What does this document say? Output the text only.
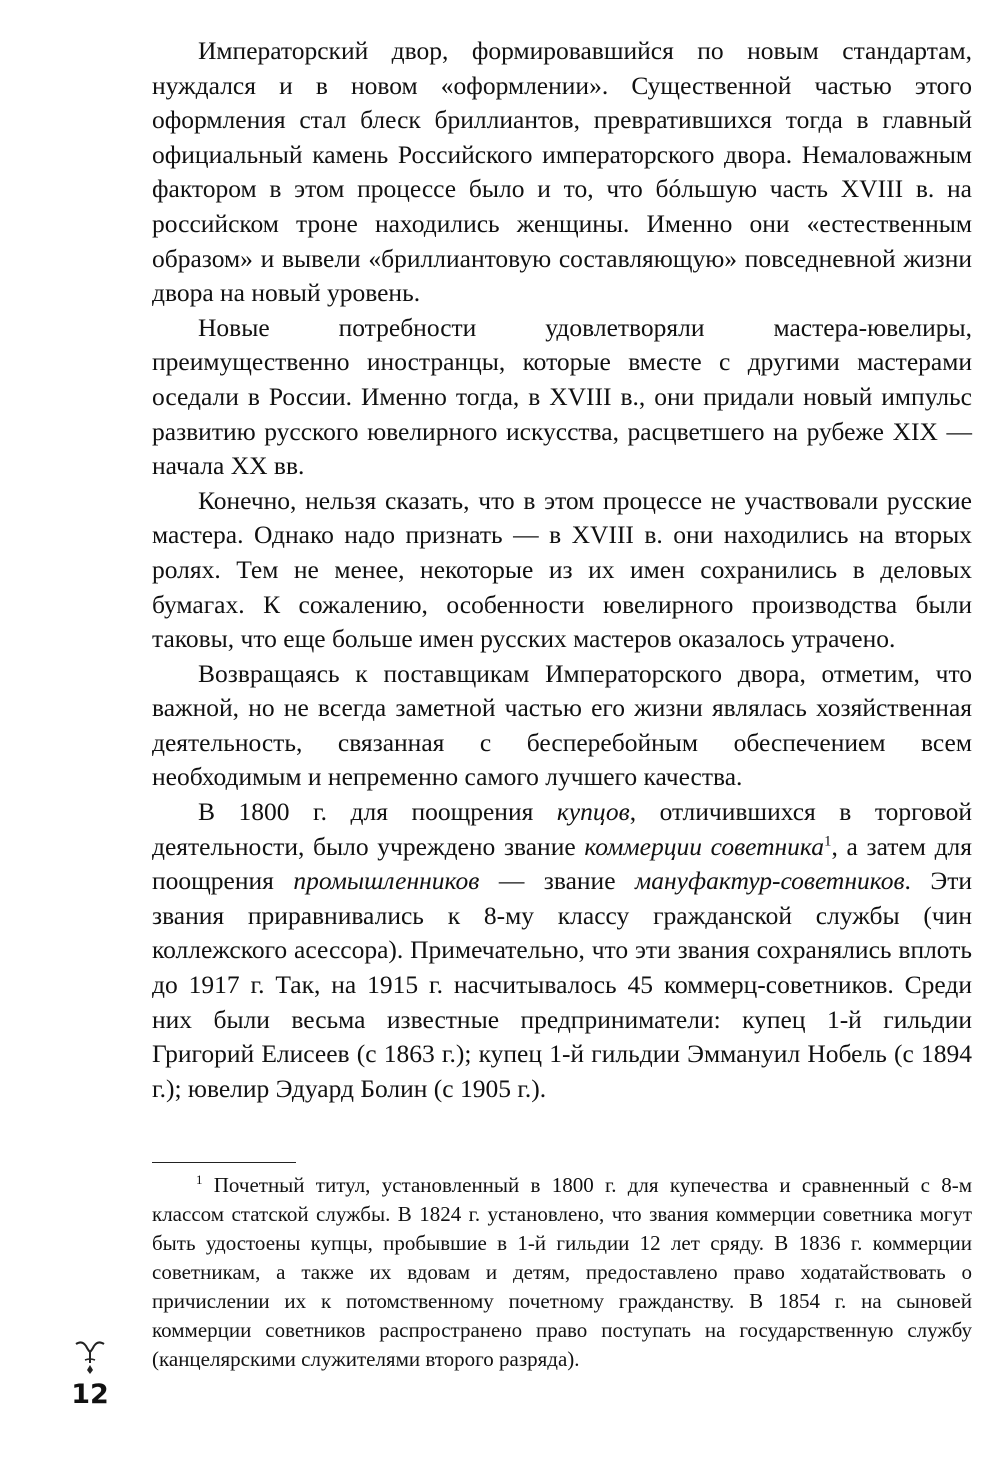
Императорский двор, формировавшийся по новым стандартам, нуждался и в новом «оформлении». Существенной частью этого оформления стал блеск бриллиантов, превратившихся тогда в главный официальный камень Российского императорского двора. Немаловажным фактором в этом процессе было и то, что бóльшую часть XVIII в. на российском троне находились женщины. Именно они «естественным образом» и вывели «бриллиантовую составляющую» повседневной жизни двора на новый уровень.

Новые потребности удовлетворяли мастера-ювелиры, преимущественно иностранцы, которые вместе с другими мастерами оседали в России. Именно тогда, в XVIII в., они придали новый импульс развитию русского ювелирного искусства, расцветшего на рубеже XIX — начала XX вв.

Конечно, нельзя сказать, что в этом процессе не участвовали русские мастера. Однако надо признать — в XVIII в. они находились на вторых ролях. Тем не менее, некоторые из их имен сохранились в деловых бумагах. К сожалению, особенности ювелирного производства были таковы, что еще больше имен русских мастеров оказалось утрачено.

Возвращаясь к поставщикам Императорского двора, отметим, что важной, но не всегда заметной частью его жизни являлась хозяйственная деятельность, связанная с бесперебойным обеспечением всем необходимым и непременно самого лучшего качества.

В 1800 г. для поощрения купцов, отличившихся в торговой деятельности, было учреждено звание коммерции советника$^1$, а затем для поощрения промышленников — звание мануфактур-советников. Эти звания приравнивались к 8-му классу гражданской службы (чин коллежского асессора). Примечательно, что эти звания сохранялись вплоть до 1917 г. Так, на 1915 г. насчитывалось 45 коммерц-советников. Среди них были весьма известные предприниматели: купец 1-й гильдии Григорий Елисеев (с 1863 г.); купец 1-й гильдии Эммануил Нобель (с 1894 г.); ювелир Эдуард Болин (с 1905 г.).

$^1$ Почетный титул, установленный в 1800 г. для купечества и сравненный с 8-м классом статской службы. В 1824 г. установлено, что звания коммерции советника могут быть удостоены купцы, пробывшие в 1-й гильдии 12 лет сряду. В 1836 г. коммерции советникам, а также их вдовам и детям, предоставлено право ходатайствовать о причислении их к потомственному почетному гражданству. В 1854 г. на сыновей коммерции советников распространено право поступать на государственную службу (канцелярскими служителями второго разряда).

12
